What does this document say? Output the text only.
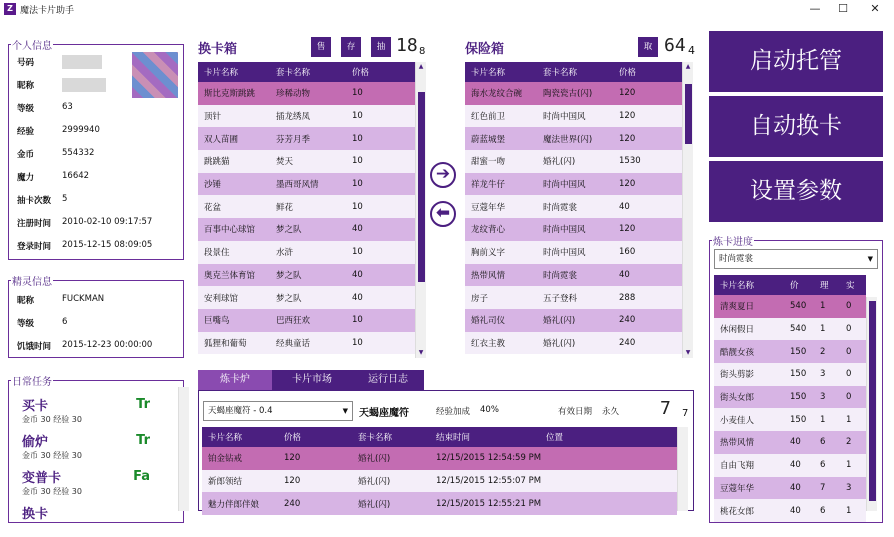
Z 魔法卡片助手	—	☐	✕
个人信息
号码
昵称
等级	63
经验	2999940
金币	554332
魔力	16642
抽卡次数 5
注册时间 2010-02-10 09:17:57
登录时间 2015-12-15 08:09:05
精灵信息
昵称	FUCKMAN
等级	6
饥饿时间 2015-12-23 00:00:00
日常任务
买卡
金币 30 经验 30
Tr
偷炉
金币 30 经验 30
Tr
变普卡
金币 30 经验 30
Fa
换卡
换卡箱	售	存	抽 18 8
卡片名称	套卡名称	价格
斯比克斯跳跳	珍稀动物	10
顶针	插龙绣凤	10
双人苗圃	芬芳月季	10
跳跳猫	焚天	10
沙锤	墨西哥风情	10
花盆	鲜花	10
百事中心球馆	梦之队	40
段景住	水浒	10
奥克兰体育馆	梦之队	40
安利球馆	梦之队	40
巨嘴鸟	巴西狂欢	10
狐狸和葡萄	经典童话	10
▲
▼
➔
⬅
保险箱	取 64 4
卡片名称	套卡名称	价格
海水龙纹合碗	陶瓷瓷古(闪)	120
红色前卫	时尚中国风	120
蔚蓝城堡	魔法世界(闪)	120
甜蜜一吻	婚礼(闪)	1530
祥龙牛仔	时尚中国风	120
豆蔻年华	时尚霓裳	40
龙纹背心	时尚中国风	120
胸前义字	时尚中国风	160
热带风情	时尚霓裳	40
房子	五子登科	288
婚礼司仪	婚礼(闪)	240
红衣主教	婚礼(闪)	240
▲
▼
启动托管
自动换卡
设置参数
炼卡进度
时尚霓裳	▼
卡片名称	价	理	实
清爽夏日	540	1	0
休闲假日	540	1	0
酷靓女孩	150	2	0
街头剪影	150	3	0
街头女郎	150	3	0
小麦佳人	150	1	1
热带风情	40	6	2
自由飞翔	40	6	1
豆蔻年华	40	7	3
桃花女郎	40	6	1
炼卡炉	卡片市场	运行日志
天蝎座魔符 - 0.4	▼ 天蝎座魔符	经验加成 40%	有效日期 永久 7 7
卡片名称	价格	套卡名称	结束时间	位置
铂金钻戒	120	婚礼(闪)	12/15/2015 12:54:59 PM	
新郎领结	120	婚礼(闪)	12/15/2015 12:55:07 PM	
魅力伴郎伴娘	240	婚礼(闪)	12/15/2015 12:55:21 PM	
